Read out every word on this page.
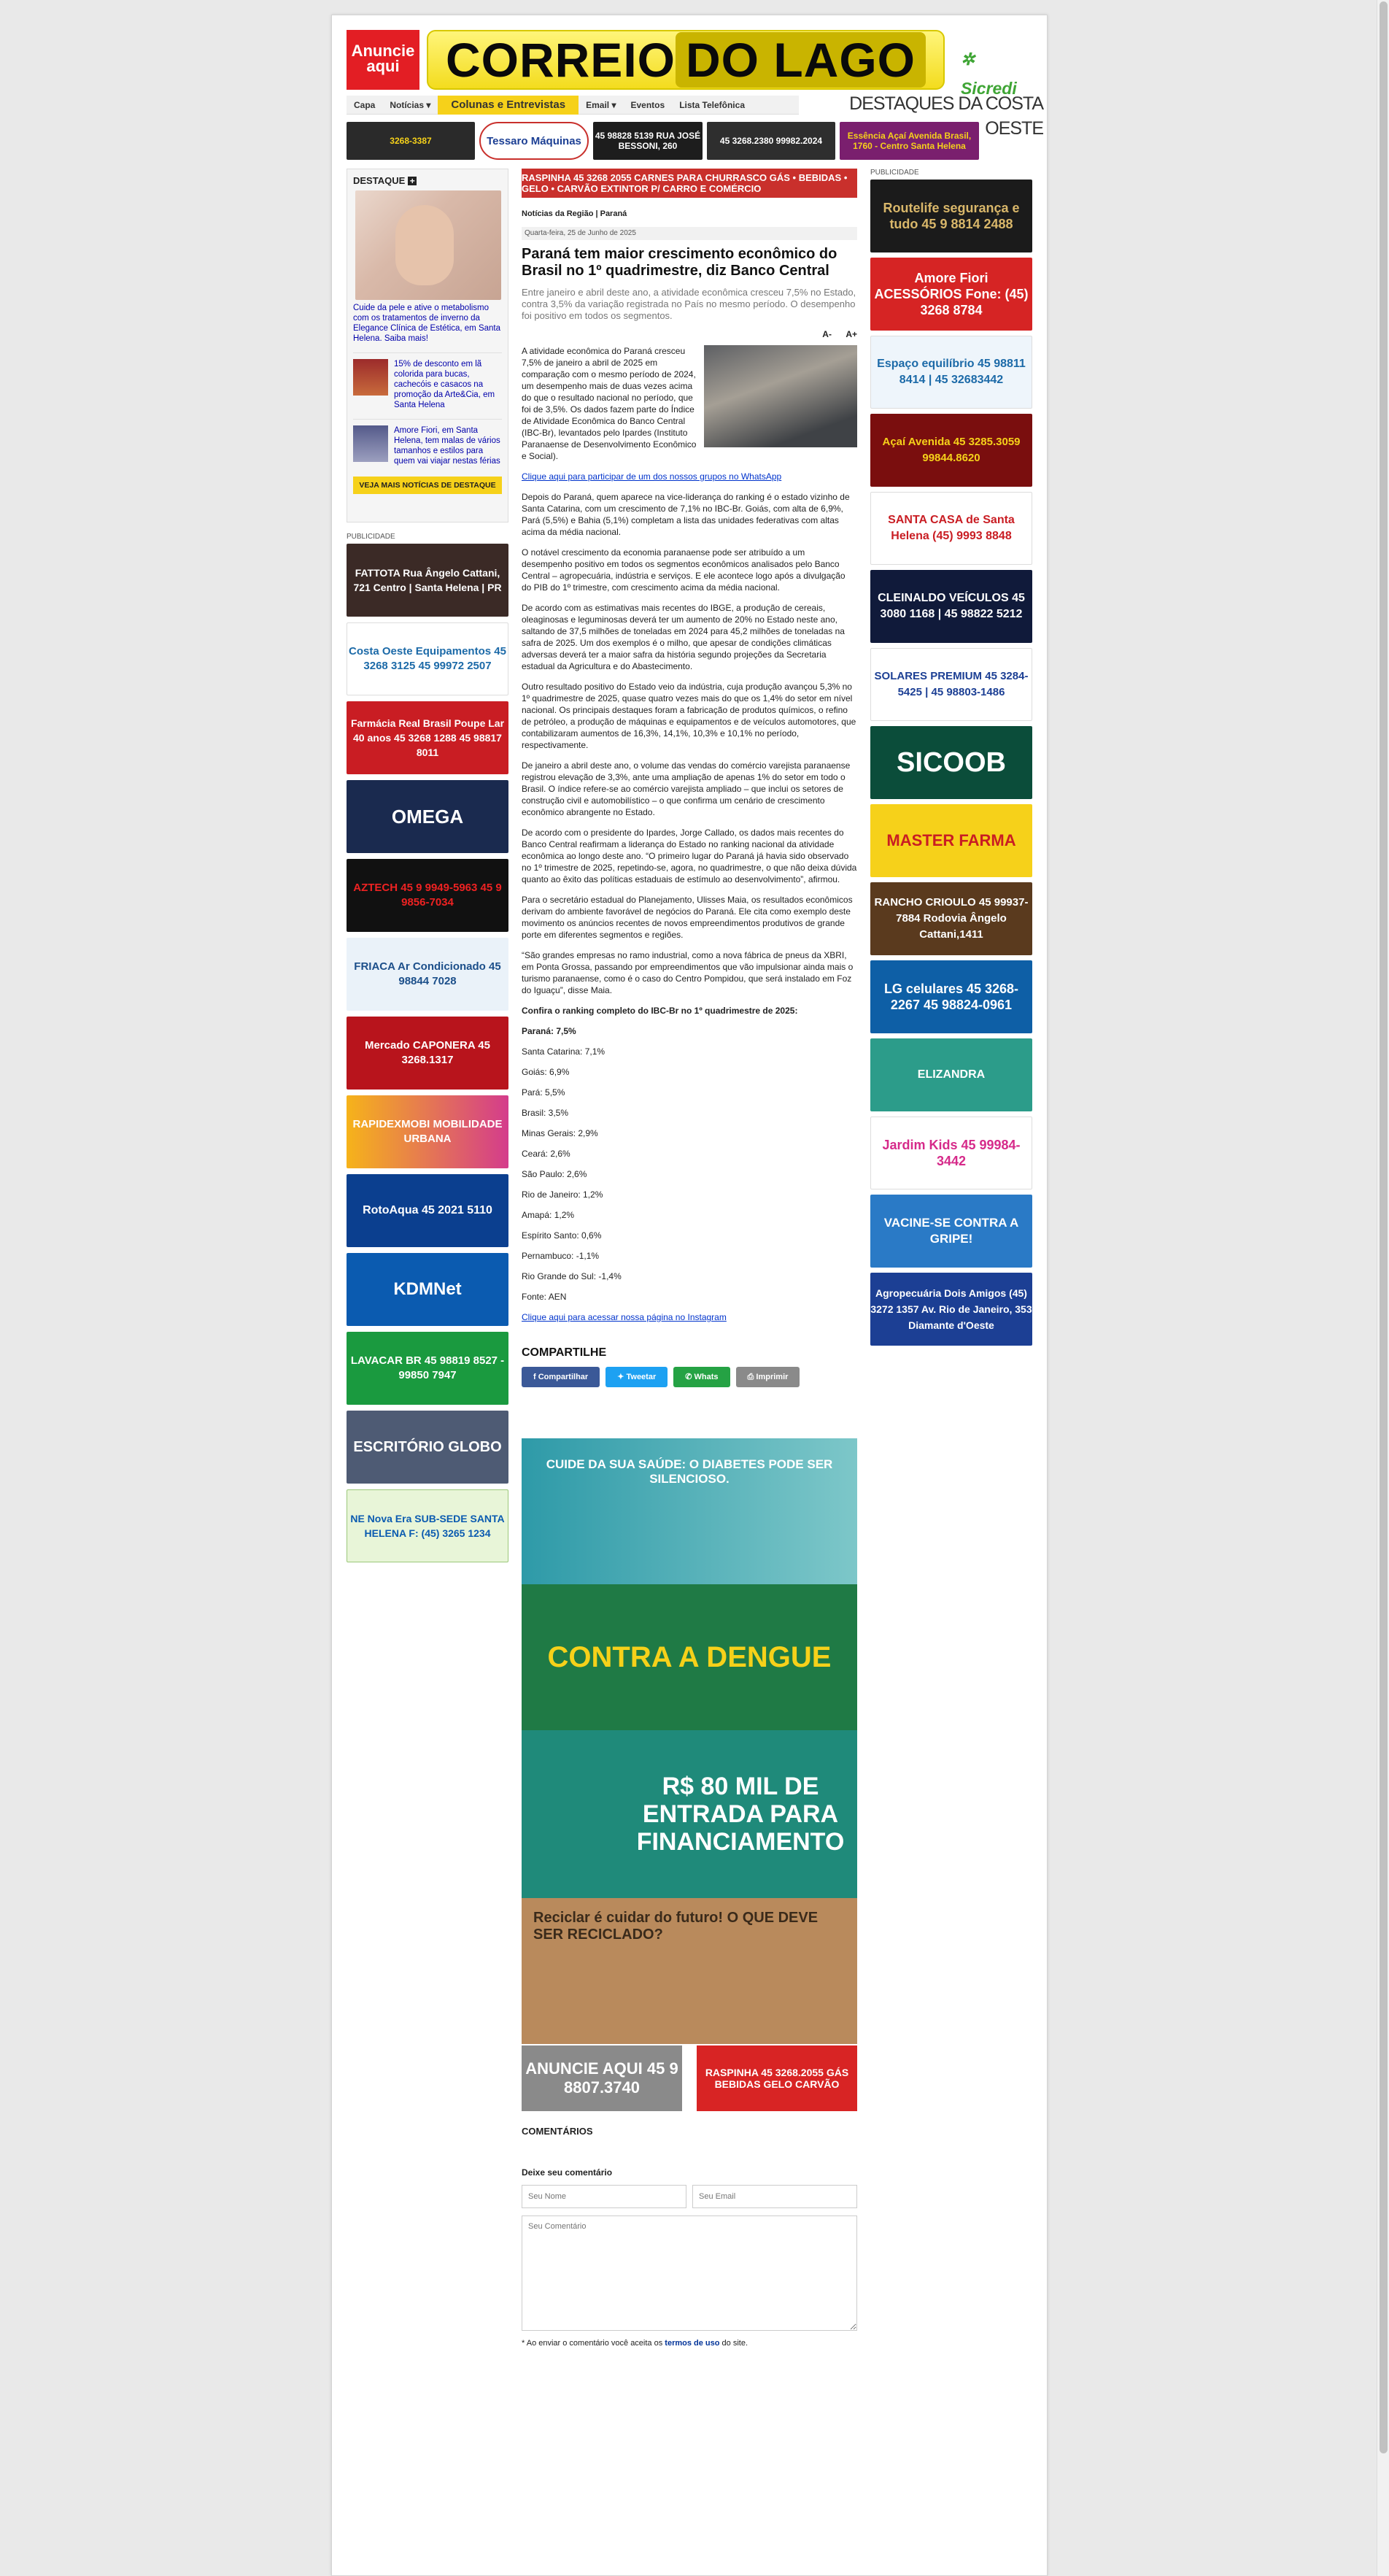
Anuncie aqui CORREIO DO LAGO	✲ Sicredi
Capa	Notícias ▾	Colunas e Entrevistas	Email ▾	Eventos	Lista Telefônica	DESTAQUES DA COSTA OESTE
3268-3387	Tessaro Máquinas	45 98828 5139 RUA JOSÉ BESSONI, 260	45 3268.2380 99982.2024	Essência Açaí Avenida Brasil, 1760 - Centro Santa Helena
DESTAQUE +
Cuide da pele e ative o metabolismo com os tratamentos de inverno da Elegance Clínica de Estética, em Santa Helena. Saiba mais!
15% de desconto em lã colorida para bucas, cachecóis e casacos na promoção da Arte&Cia, em Santa Helena
Amore Fiori, em Santa Helena, tem malas de vários tamanhos e estilos para quem vai viajar nestas férias
VEJA MAIS NOTÍCIAS DE DESTAQUE
PUBLICIDADE
FATTOTA Rua Ângelo Cattani, 721 Centro | Santa Helena | PR
Costa Oeste Equipamentos 45 3268 3125 45 99972 2507
Farmácia Real Brasil Poupe Lar 40 anos 45 3268 1288 45 98817 8011
OMEGA
AZTECH 45 9 9949-5963 45 9 9856-7034
FRIACA Ar Condicionado 45 98844 7028
Mercado CAPONERA 45 3268.1317
RAPIDEXMOBI MOBILIDADE URBANA
RotoAqua 45 2021 5110
KDMNet
LAVACAR BR 45 98819 8527 - 99850 7947
ESCRITÓRIO GLOBO
NE Nova Era SUB-SEDE SANTA HELENA F: (45) 3265 1234
RASPINHA 45 3268 2055 CARNES PARA CHURRASCO GÁS • BEBIDAS • GELO • CARVÃO EXTINTOR P/ CARRO E COMÉRCIO
Notícias da Região | Paraná
Quarta-feira, 25 de Junho de 2025
Paraná tem maior crescimento econômico do Brasil no 1º quadrimestre, diz Banco Central
Entre janeiro e abril deste ano, a atividade econômica cresceu 7,5% no Estado, contra 3,5% da variação registrada no País no mesmo período. O desempenho foi positivo em todos os segmentos.
A- A+

A atividade econômica do Paraná cresceu 7,5% de janeiro a abril de 2025 em comparação com o mesmo período de 2024, um desempenho mais de duas vezes acima do que o resultado nacional no período, que foi de 3,5%. Os dados fazem parte do Índice de Atividade Econômica do Banco Central (IBC-Br), levantados pelo Ipardes (Instituto Paranaense de Desenvolvimento Econômico e Social).

Clique aqui para participar de um dos nossos grupos no WhatsApp

Depois do Paraná, quem aparece na vice-liderança do ranking é o estado vizinho de Santa Catarina, com um crescimento de 7,1% no IBC-Br. Goiás, com alta de 6,9%, Pará (5,5%) e Bahia (5,1%) completam a lista das unidades federativas com altas acima da média nacional.

O notável crescimento da economia paranaense pode ser atribuído a um desempenho positivo em todos os segmentos econômicos analisados pelo Banco Central – agropecuária, indústria e serviços. E ele acontece logo após a divulgação do PIB do 1º trimestre, com crescimento acima da média nacional.

De acordo com as estimativas mais recentes do IBGE, a produção de cereais, oleaginosas e leguminosas deverá ter um aumento de 20% no Estado neste ano, saltando de 37,5 milhões de toneladas em 2024 para 45,2 milhões de toneladas na safra de 2025. Um dos exemplos é o milho, que apesar de condições climáticas adversas deverá ter a maior safra da história segundo projeções da Secretaria estadual da Agricultura e do Abastecimento.

Outro resultado positivo do Estado veio da indústria, cuja produção avançou 5,3% no 1º quadrimestre de 2025, quase quatro vezes mais do que os 1,4% do setor em nível nacional. Os principais destaques foram a fabricação de produtos químicos, o refino de petróleo, a produção de máquinas e equipamentos e de veículos automotores, que contabilizaram aumentos de 16,3%, 14,1%, 10,3% e 10,1% no período, respectivamente.

De janeiro a abril deste ano, o volume das vendas do comércio varejista paranaense registrou elevação de 3,3%, ante uma ampliação de apenas 1% do setor em todo o Brasil. O índice refere-se ao comércio varejista ampliado – que inclui os setores de construção civil e automobilístico – o que confirma um cenário de crescimento econômico abrangente no Estado.

De acordo com o presidente do Ipardes, Jorge Callado, os dados mais recentes do Banco Central reafirmam a liderança do Estado no ranking nacional da atividade econômica ao longo deste ano. “O primeiro lugar do Paraná já havia sido observado no 1º trimestre de 2025, repetindo-se, agora, no quadrimestre, o que não deixa dúvida quanto ao êxito das políticas estaduais de estímulo ao desenvolvimento”, afirmou.

Para o secretário estadual do Planejamento, Ulisses Maia, os resultados econômicos derivam do ambiente favorável de negócios do Paraná. Ele cita como exemplo deste movimento os anúncios recentes de novos empreendimentos produtivos de grande porte em diferentes segmentos e regiões.

“São grandes empresas no ramo industrial, como a nova fábrica de pneus da XBRI, em Ponta Grossa, passando por empreendimentos que vão impulsionar ainda mais o turismo paranaense, como é o caso do Centro Pompidou, que será instalado em Foz do Iguaçu”, disse Maia.

Confira o ranking completo do IBC-Br no 1º quadrimestre de 2025:

Paraná: 7,5%

Santa Catarina: 7,1%

Goiás: 6,9%

Pará: 5,5%

Brasil: 3,5%

Minas Gerais: 2,9%

Ceará: 2,6%

São Paulo: 2,6%

Rio de Janeiro: 1,2%

Amapá: 1,2%

Espírito Santo: 0,6%

Pernambuco: -1,1%

Rio Grande do Sul: -1,4%

Fonte: AEN

Clique aqui para acessar nossa página no Instagram

COMPARTILHE
f Compartilhar	✦ Tweetar	✆ Whats	⎙ Imprimir
CUIDE DA SUA SAÚDE: O DIABETES PODE SER SILENCIOSO.
CONTRA A DENGUE
R$ 80 MIL DE ENTRADA PARA FINANCIAMENTO
Reciclar é cuidar do futuro! O QUE DEVE SER RECICLADO?
ANUNCIE AQUI 45 9 8807.3740
RASPINHA 45 3268.2055 GÁS BEBIDAS GELO CARVÃO
COMENTÁRIOS
Deixe seu comentário
Seu Nome
Seu Email
Seu Comentário
* Ao enviar o comentário você aceita os termos de uso do site.
PUBLICIDADE
Routelife segurança e tudo 45 9 8814 2488
Amore Fiori ACESSÓRIOS Fone: (45) 3268 8784
Espaço equilíbrio 45 98811 8414 | 45 32683442
Açaí Avenida 45 3285.3059 99844.8620
SANTA CASA de Santa Helena (45) 9993 8848
CLEINALDO VEÍCULOS 45 3080 1168 | 45 98822 5212
SOLARES PREMIUM 45 3284-5425 | 45 98803-1486
SICOOB
MASTER FARMA
RANCHO CRIOULO 45 99937-7884 Rodovia Ângelo Cattani,1411
LG celulares 45 3268-2267 45 98824-0961
ELIZANDRA
Jardim Kids 45 99984-3442
VACINE-SE CONTRA A GRIPE!
Agropecuária Dois Amigos (45) 3272 1357 Av. Rio de Janeiro, 353 Diamante d'Oeste
